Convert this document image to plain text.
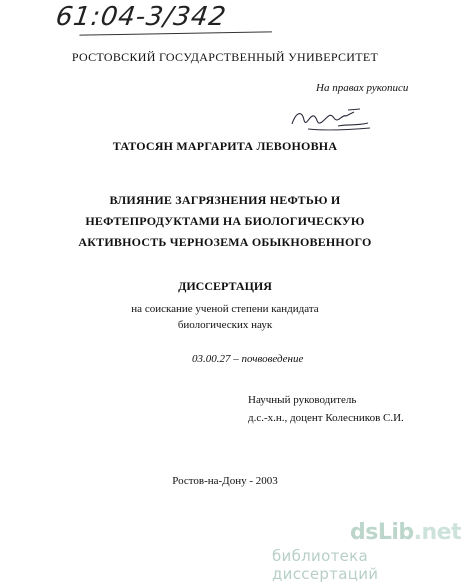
61:04-3/342
РОСТОВСКИЙ ГОСУДАРСТВЕННЫЙ УНИВЕРСИТЕТ
На правах рукописи
ТАТОСЯН МАРГАРИТА ЛЕВОНОВНА
ВЛИЯНИЕ ЗАГРЯЗНЕНИЯ НЕФТЬЮ И
НЕФТЕПРОДУКТАМИ НА БИОЛОГИЧЕСКУЮ
АКТИВНОСТЬ ЧЕРНОЗЕМА ОБЫКНОВЕННОГО
ДИССЕРТАЦИЯ
на соискание ученой степени кандидата
биологических наук
03.00.27 – почвоведение
Научный руководитель
д.с.-х.н., доцент Колесников С.И.
Ростов-на-Дону - 2003
dsLib.net
библиотека диссертаций
